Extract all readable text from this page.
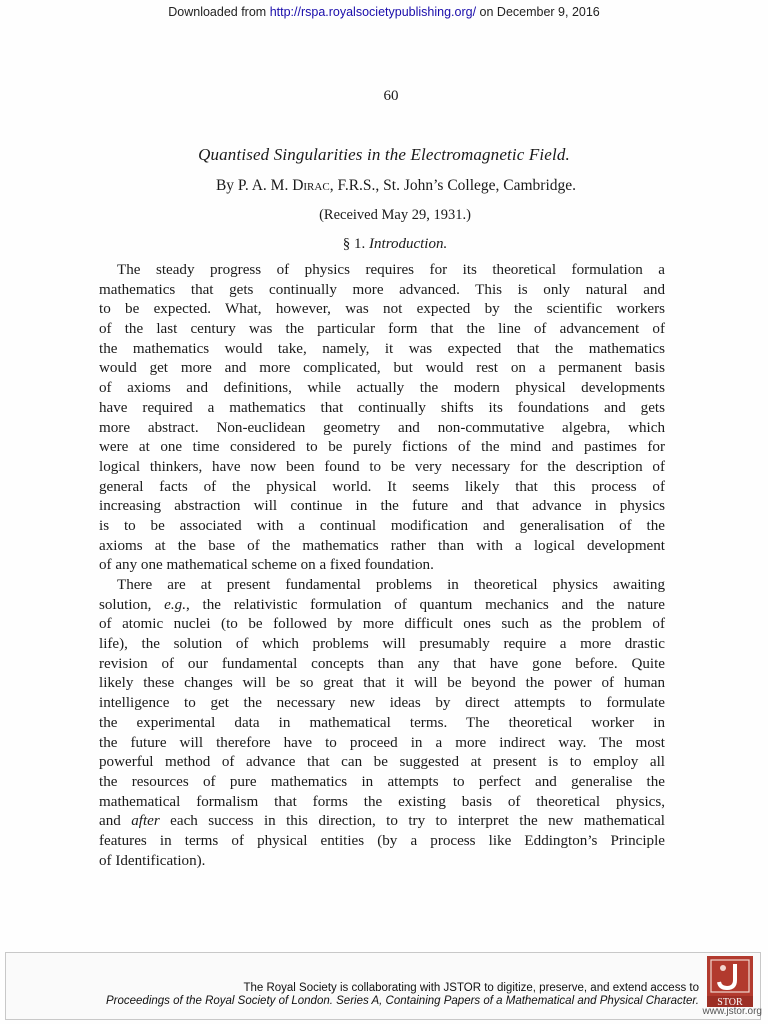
Downloaded from http://rspa.royalsocietypublishing.org/ on December 9, 2016
60
Quantised Singularities in the Electromagnetic Field.
By P. A. M. Dirac, F.R.S., St. John’s College, Cambridge.
(Received May 29, 1931.)
§ 1. Introduction.
The steady progress of physics requires for its theoretical formulation a
mathematics that gets continually more advanced. This is only natural and
to be expected. What, however, was not expected by the scientific workers
of the last century was the particular form that the line of advancement of
the mathematics would take, namely, it was expected that the mathematics
would get more and more complicated, but would rest on a permanent basis
of axioms and definitions, while actually the modern physical developments
have required a mathematics that continually shifts its foundations and gets
more abstract. Non-euclidean geometry and non-commutative algebra, which
were at one time considered to be purely fictions of the mind and pastimes for
logical thinkers, have now been found to be very necessary for the description of
general facts of the physical world. It seems likely that this process of
increasing abstraction will continue in the future and that advance in physics
is to be associated with a continual modification and generalisation of the
axioms at the base of the mathematics rather than with a logical development
of any one mathematical scheme on a fixed foundation.
There are at present fundamental problems in theoretical physics awaiting
solution, e.g., the relativistic formulation of quantum mechanics and the nature
of atomic nuclei (to be followed by more difficult ones such as the problem of
life), the solution of which problems will presumably require a more drastic
revision of our fundamental concepts than any that have gone before. Quite
likely these changes will be so great that it will be beyond the power of human
intelligence to get the necessary new ideas by direct attempts to formulate
the experimental data in mathematical terms. The theoretical worker in
the future will therefore have to proceed in a more indirect way. The most
powerful method of advance that can be suggested at present is to employ all
the resources of pure mathematics in attempts to perfect and generalise the
mathematical formalism that forms the existing basis of theoretical physics,
and after each success in this direction, to try to interpret the new mathematical
features in terms of physical entities (by a process like Eddington’s Principle
of Identification).
The Royal Society is collaborating with JSTOR to digitize, preserve, and extend access to
Proceedings of the Royal Society of London. Series A, Containing Papers of a Mathematical and Physical Character. STOR
www.jstor.org
